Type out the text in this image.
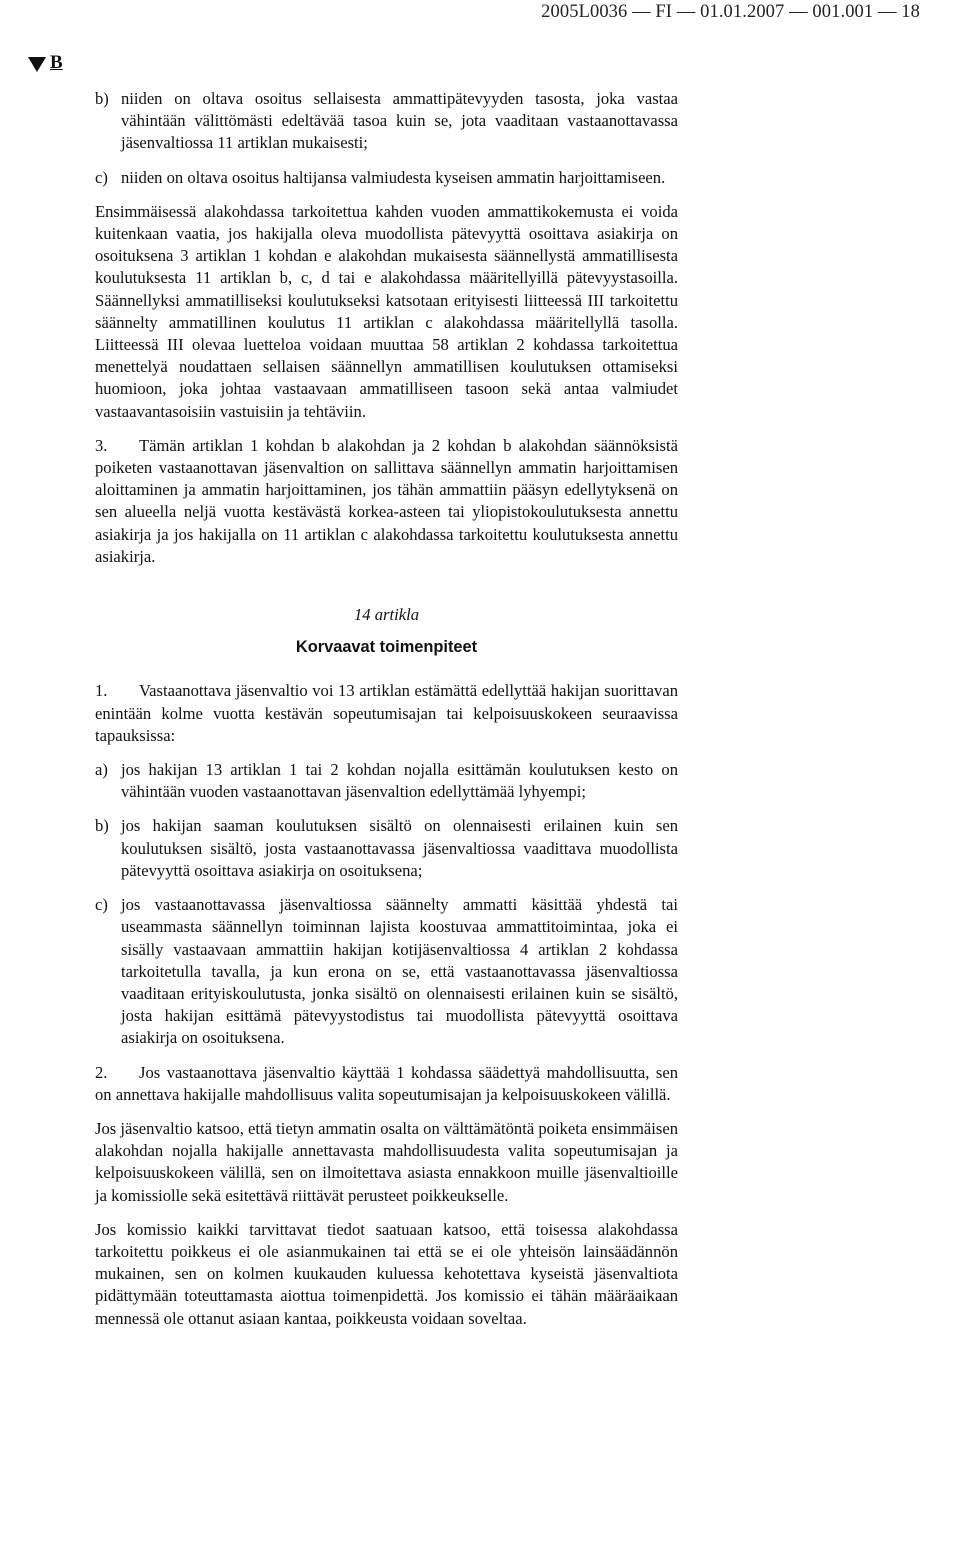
2005L0036 — FI — 01.01.2007 — 001.001 — 18
B
b) niiden on oltava osoitus sellaisesta ammattipätevyyden tasosta, joka vastaa vähintään välittömästi edeltävää tasoa kuin se, jota vaaditaan vastaanottavassa jäsenvaltiossa 11 artiklan mukaisesti;
c) niiden on oltava osoitus haltijansa valmiudesta kyseisen ammatin harjoittamiseen.

Ensimmäisessä alakohdassa tarkoitettua kahden vuoden ammattikokemusta ei voida kuitenkaan vaatia, jos hakijalla oleva muodollista pätevyyttä osoittava asiakirja on osoituksena 3 artiklan 1 kohdan e alakohdan mukaisesta säännellystä ammatillisesta koulutuksesta 11 artiklan b, c, d tai e alakohdassa määritellyillä pätevyystasoilla. Säännellyksi ammatilliseksi koulutukseksi katsotaan erityisesti liitteessä III tarkoitettu säännelty ammatillinen koulutus 11 artiklan c alakohdassa määritellyllä tasolla. Liitteessä III olevaa luetteloa voidaan muuttaa 58 artiklan 2 kohdassa tarkoitettua menettelyä noudattaen sellaisen säännellyn ammatillisen koulutuksen ottamiseksi huomioon, joka johtaa vastaavaan ammatilliseen tasoon sekä antaa valmiudet vastaavantasoisiin vastuisiin ja tehtäviin.

3. Tämän artiklan 1 kohdan b alakohdan ja 2 kohdan b alakohdan säännöksistä poiketen vastaanottavan jäsenvaltion on sallittava säännellyn ammatin harjoittamisen aloittaminen ja ammatin harjoittaminen, jos tähän ammattiin pääsyn edellytyksenä on sen alueella neljä vuotta kestävästä korkea-asteen tai yliopistokoulutuksesta annettu asiakirja ja jos hakijalla on 11 artiklan c alakohdassa tarkoitettu koulutuksesta annettu asiakirja.

14 artikla
Korvaavat toimenpiteet

1. Vastaanottava jäsenvaltio voi 13 artiklan estämättä edellyttää hakijan suorittavan enintään kolme vuotta kestävän sopeutumisajan tai kelpoisuuskokeen seuraavissa tapauksissa:

a) jos hakijan 13 artiklan 1 tai 2 kohdan nojalla esittämän koulutuksen kesto on vähintään vuoden vastaanottavan jäsenvaltion edellyttämää lyhyempi;
b) jos hakijan saaman koulutuksen sisältö on olennaisesti erilainen kuin sen koulutuksen sisältö, josta vastaanottavassa jäsenvaltiossa vaadittava muodollista pätevyyttä osoittava asiakirja on osoituksena;
c) jos vastaanottavassa jäsenvaltiossa säännelty ammatti käsittää yhdestä tai useammasta säännellyn toiminnan lajista koostuvaa ammattitoimintaa, joka ei sisälly vastaavaan ammattiin hakijan kotijäsenvaltiossa 4 artiklan 2 kohdassa tarkoitetulla tavalla, ja kun erona on se, että vastaanottavassa jäsenvaltiossa vaaditaan erityiskoulutusta, jonka sisältö on olennaisesti erilainen kuin se sisältö, josta hakijan esittämä pätevyystodistus tai muodollista pätevyyttä osoittava asiakirja on osoituksena.

2. Jos vastaanottava jäsenvaltio käyttää 1 kohdassa säädettyä mahdollisuutta, sen on annettava hakijalle mahdollisuus valita sopeutumisajan ja kelpoisuuskokeen välillä.

Jos jäsenvaltio katsoo, että tietyn ammatin osalta on välttämätöntä poiketa ensimmäisen alakohdan nojalla hakijalle annettavasta mahdollisuudesta valita sopeutumisajan ja kelpoisuuskokeen välillä, sen on ilmoitettava asiasta ennakkoon muille jäsenvaltioille ja komissiolle sekä esitettävä riittävät perusteet poikkeukselle.

Jos komissio kaikki tarvittavat tiedot saatuaan katsoo, että toisessa alakohdassa tarkoitettu poikkeus ei ole asianmukainen tai että se ei ole yhteisön lainsäädännön mukainen, sen on kolmen kuukauden kuluessa kehotettava kyseistä jäsenvaltiota pidättymään toteuttamasta aiottua toimenpidettä. Jos komissio ei tähän määräaikaan mennessä ole ottanut asiaan kantaa, poikkeusta voidaan soveltaa.
